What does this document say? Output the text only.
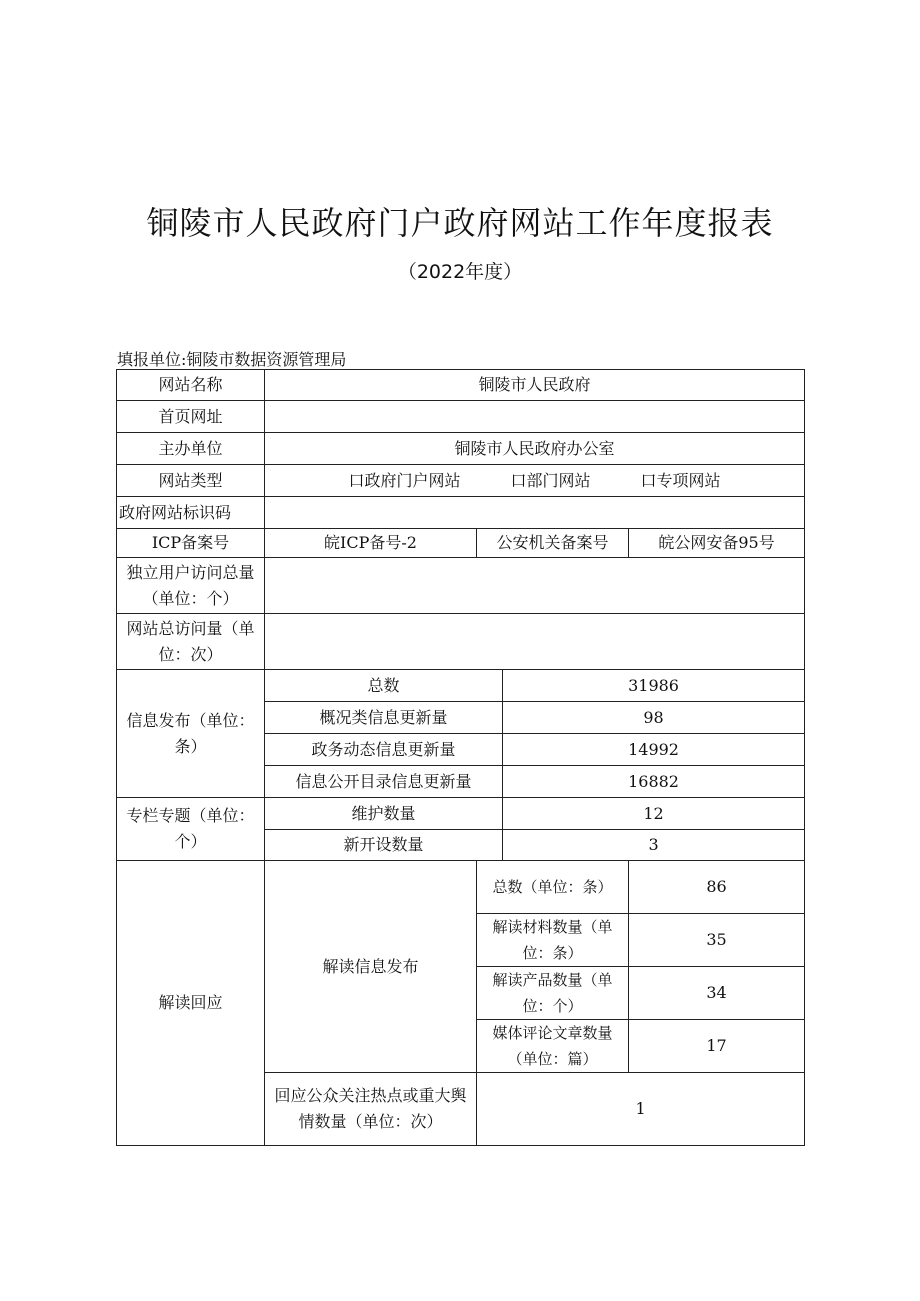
铜陵市人民政府门户政府网站工作年度报表
（2022年度）
填报单位:铜陵市数据资源管理局
网站名称	铜陵市人民政府			
首页网址				
主办单位	铜陵市人民政府办公室			
网站类型	口政府门户网站 口部门网站 口专项网站			
政府网站标识码				
ICP备案号	皖ICP备号-2	公安机关备案号		皖公网安备95号
独立用户访问总量（单位：个）				
网站总访问量（单位：次）				
信息发布（单位：条）	总数		31986	
	概况类信息更新量		98	
	政务动态信息更新量		14992	
	信息公开目录信息更新量		16882	
专栏专题（单位：个）	维护数量		12	
	新开设数量		3	
解读回应	解读信息发布	总数（单位：条）		86
		解读材料数量（单位：条）		35
		解读产品数量（单位：个）		34
		媒体评论文章数量（单位：篇）		17
	回应公众关注热点或重大舆情数量（单位：次）	1		
